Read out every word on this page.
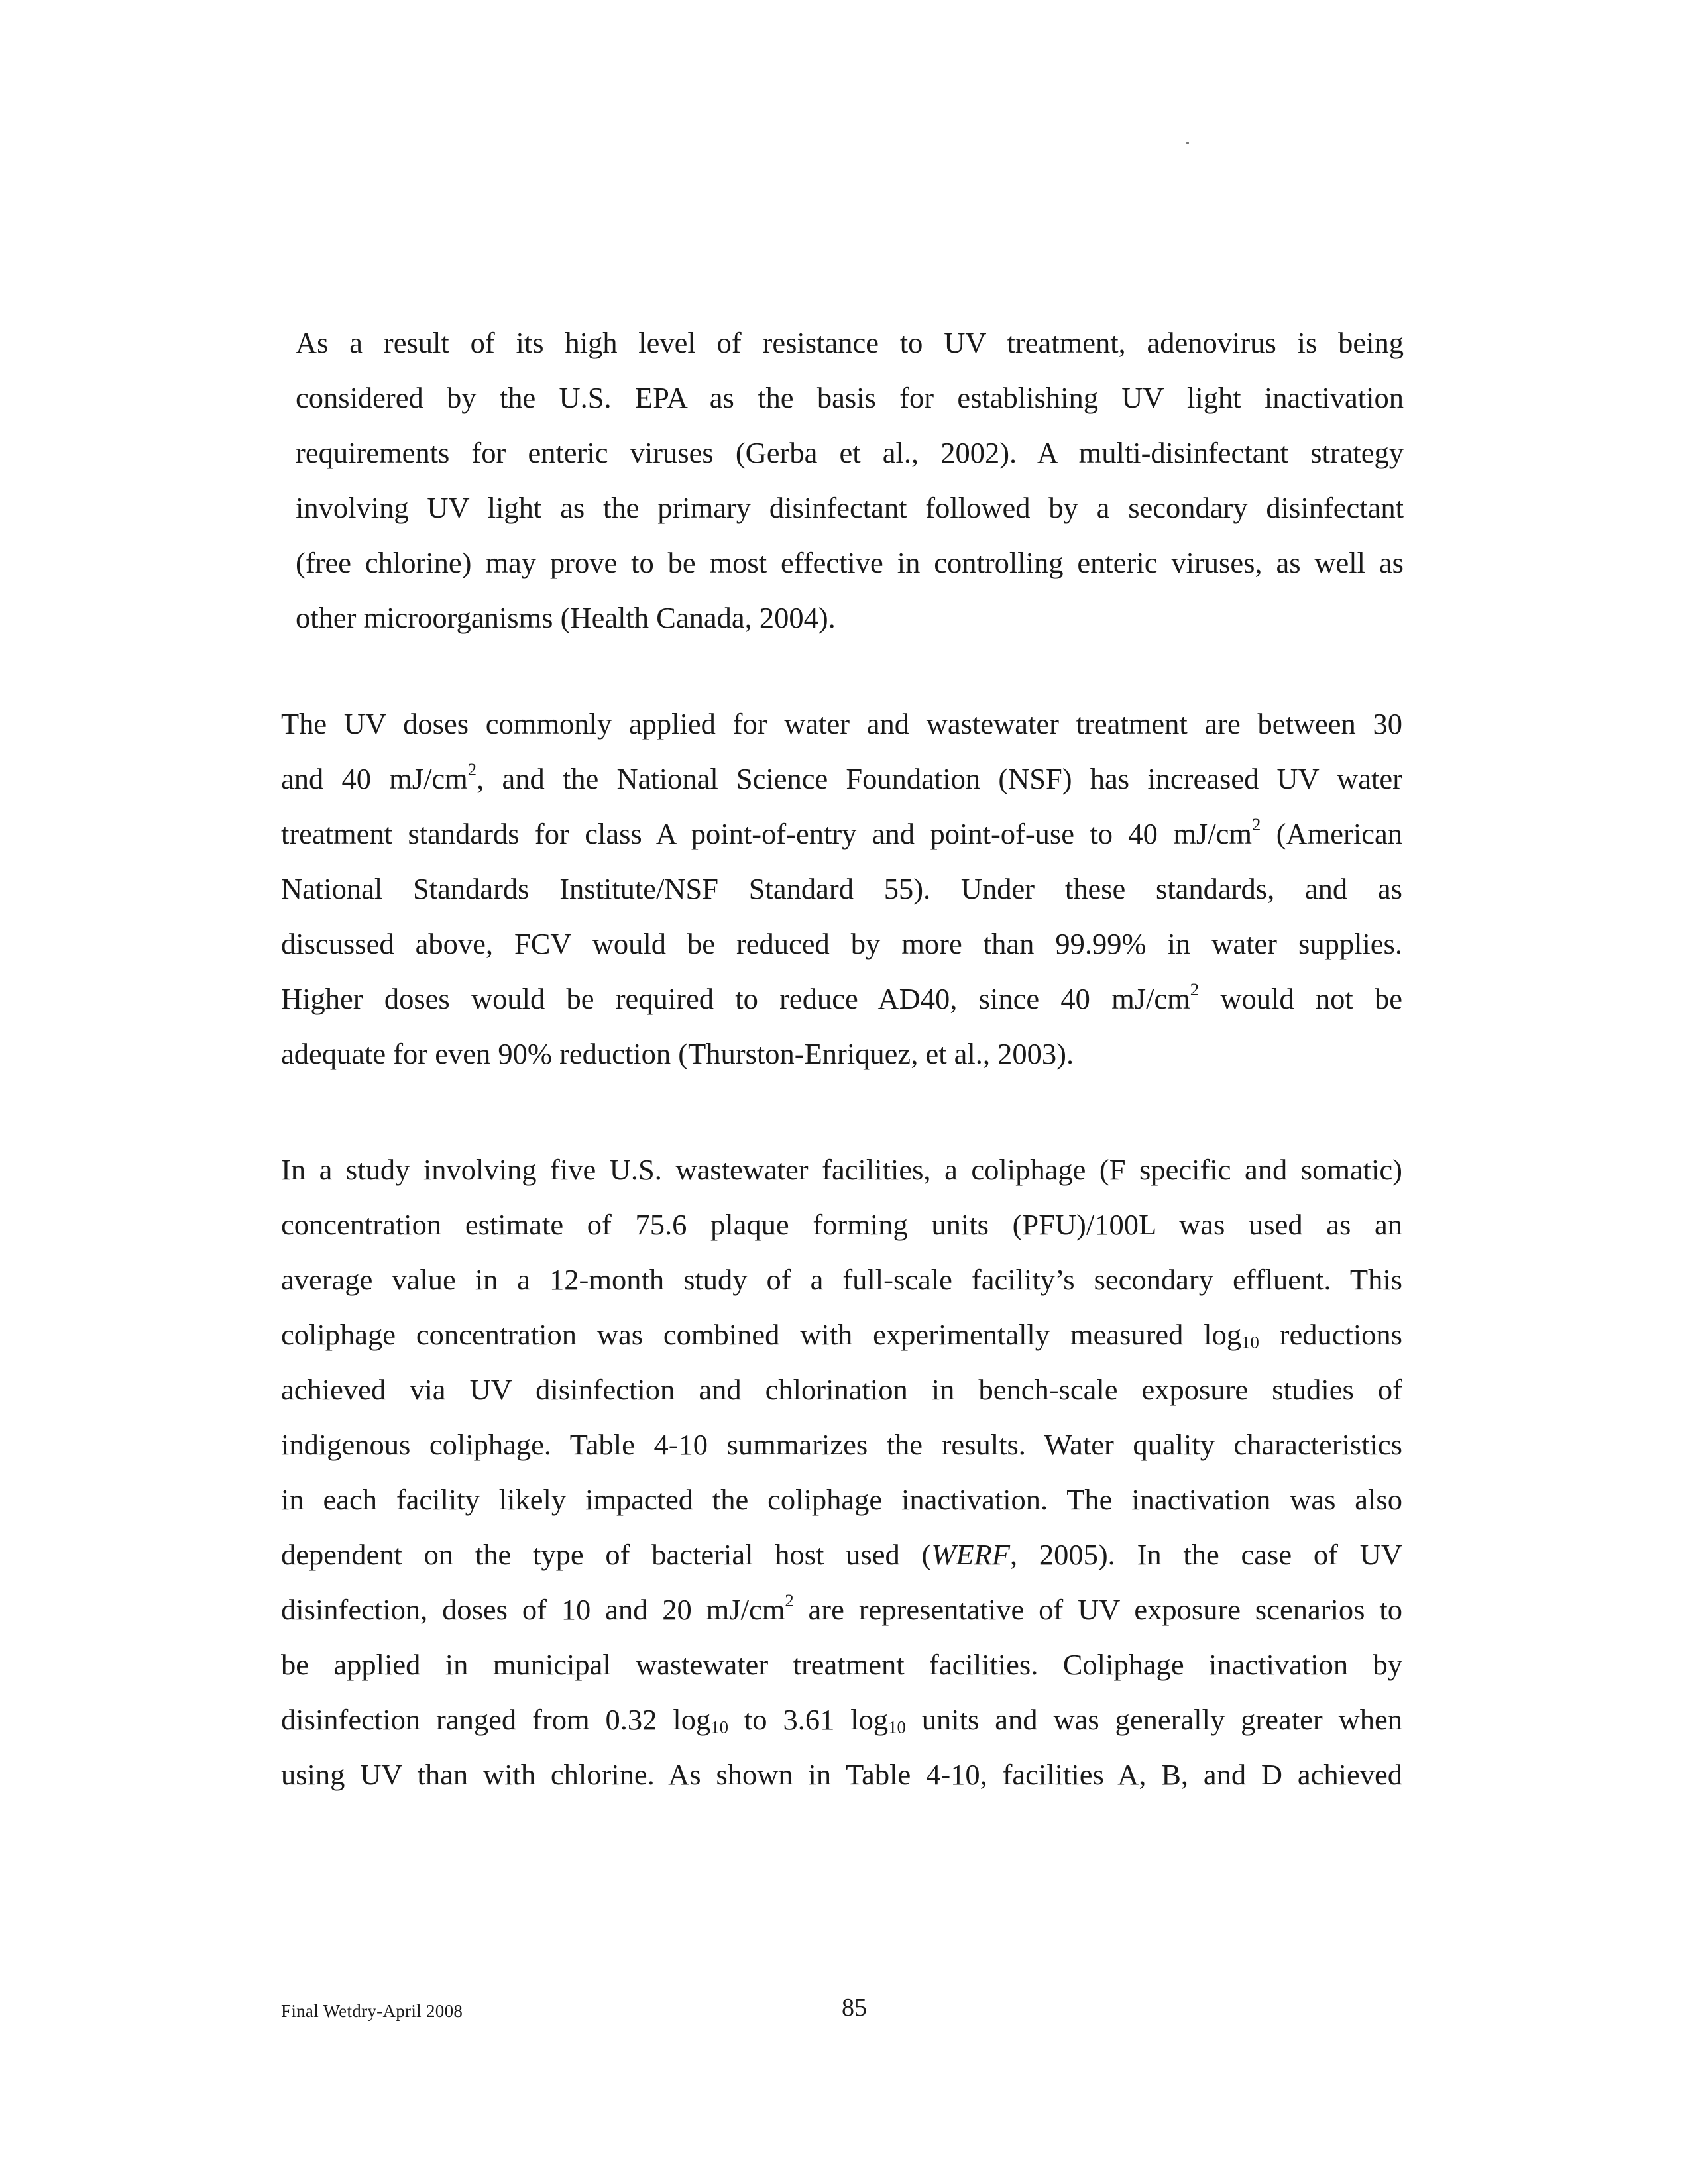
As a result of its high level of resistance to UV treatment, adenovirus is being
considered by the U.S. EPA as the basis for establishing UV light inactivation
requirements for enteric viruses (Gerba et al., 2002). A multi-disinfectant strategy
involving UV light as the primary disinfectant followed by a secondary disinfectant
(free chlorine) may prove to be most effective in controlling enteric viruses, as well as
other microorganisms (Health Canada, 2004).
The UV doses commonly applied for water and wastewater treatment are between 30
and 40 $mJ/cm^2$, and the National Science Foundation (NSF) has increased UV water
treatment standards for class A point-of-entry and point-of-use to 40 $mJ/cm^2$ (American
National Standards Institute/NSF Standard 55). Under these standards, and as
discussed above, FCV would be reduced by more than 99.99% in water supplies.
Higher doses would be required to reduce AD40, since 40 $mJ/cm^2$ would not be
adequate for even 90% reduction (Thurston-Enriquez, et al., 2003).
In a study involving five U.S. wastewater facilities, a coliphage (F specific and somatic)
concentration estimate of 75.6 plaque forming units (PFU)/100L was used as an
average value in a 12-month study of a full-scale facility’s secondary effluent. This
coliphage concentration was combined with experimentally measured $\log_{10}$ reductions
achieved via UV disinfection and chlorination in bench-scale exposure studies of
indigenous coliphage. Table 4-10 summarizes the results. Water quality characteristics
in each facility likely impacted the coliphage inactivation. The inactivation was also
dependent on the type of bacterial host used (WERF, 2005). In the case of UV
disinfection, doses of 10 and 20 $mJ/cm^2$ are representative of UV exposure scenarios to
be applied in municipal wastewater treatment facilities. Coliphage inactivation by
disinfection ranged from 0.32 $\log_{10}$ to 3.61 $\log_{10}$ units and was generally greater when
using UV than with chlorine. As shown in Table 4-10, facilities A, B, and D achieved
Final Wetdry-April 2008	85
